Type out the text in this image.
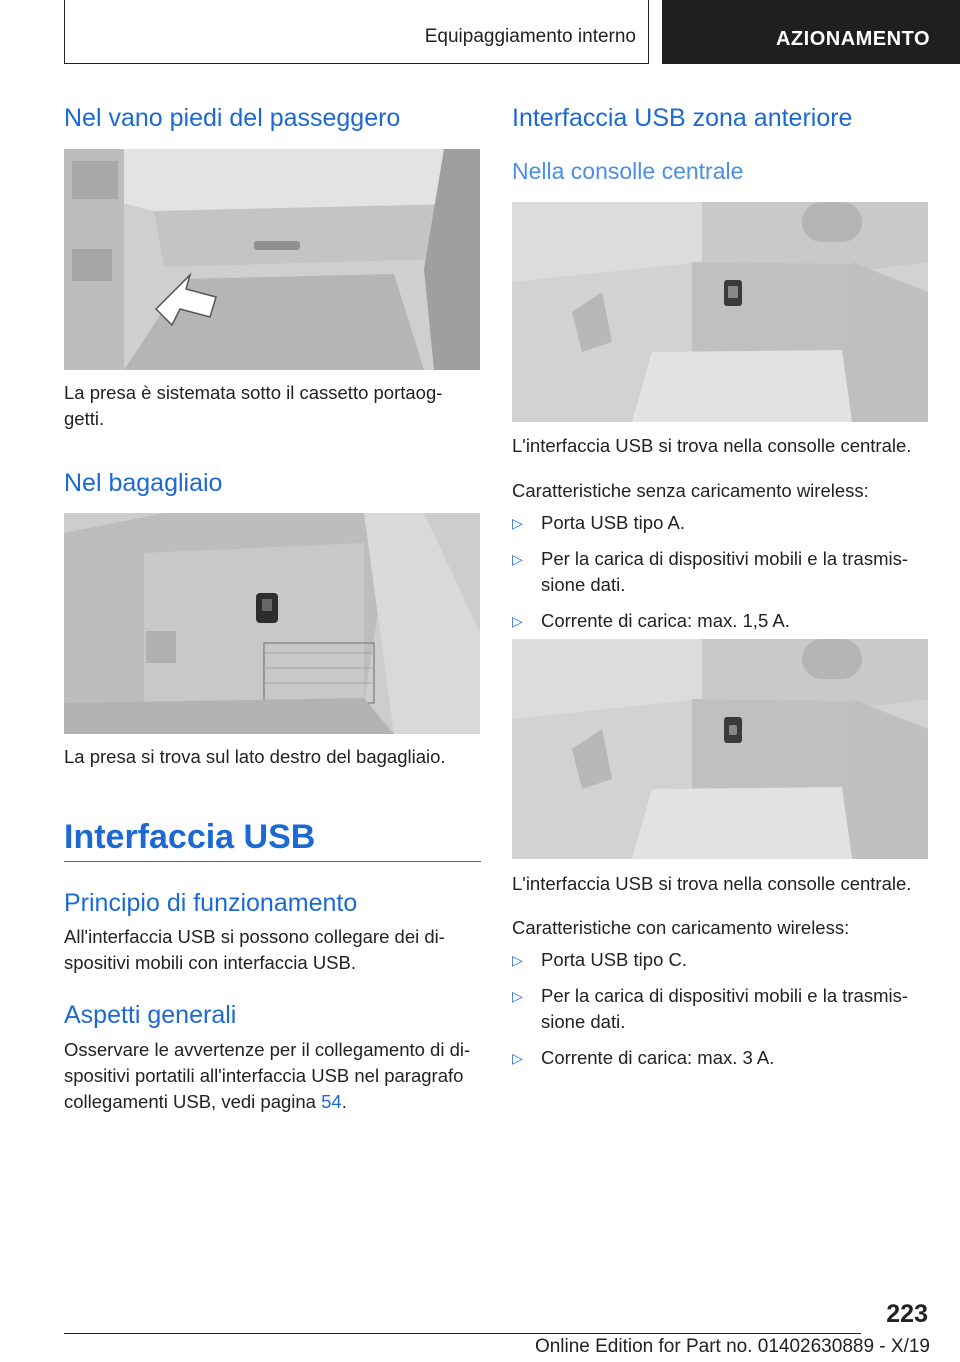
Equipaggiamento interno	AZIONAMENTO
Nel vano piedi del passeggero
La presa è sistemata sotto il cassetto portaog-getti.
Nel bagagliaio
La presa si trova sul lato destro del bagagliaio.
Interfaccia USB
Principio di funzionamento
All'interfaccia USB si possono collegare dei di-spositivi mobili con interfaccia USB.
Aspetti generali
Osservare le avvertenze per il collegamento di di-spositivi portatili all'interfaccia USB nel paragrafo collegamenti USB, vedi pagina 54.
Interfaccia USB zona anteriore
Nella consolle centrale
L'interfaccia USB si trova nella consolle centrale.
Caratteristiche senza caricamento wireless:
▷ Porta USB tipo A.
▷ Per la carica di dispositivi mobili e la trasmis-sione dati.
▷ Corrente di carica: max. 1,5 A.
L'interfaccia USB si trova nella consolle centrale.
Caratteristiche con caricamento wireless:
▷ Porta USB tipo C.
▷ Per la carica di dispositivi mobili e la trasmis-sione dati.
▷ Corrente di carica: max. 3 A.
223
Online Edition for Part no. 01402630889 - X/19
